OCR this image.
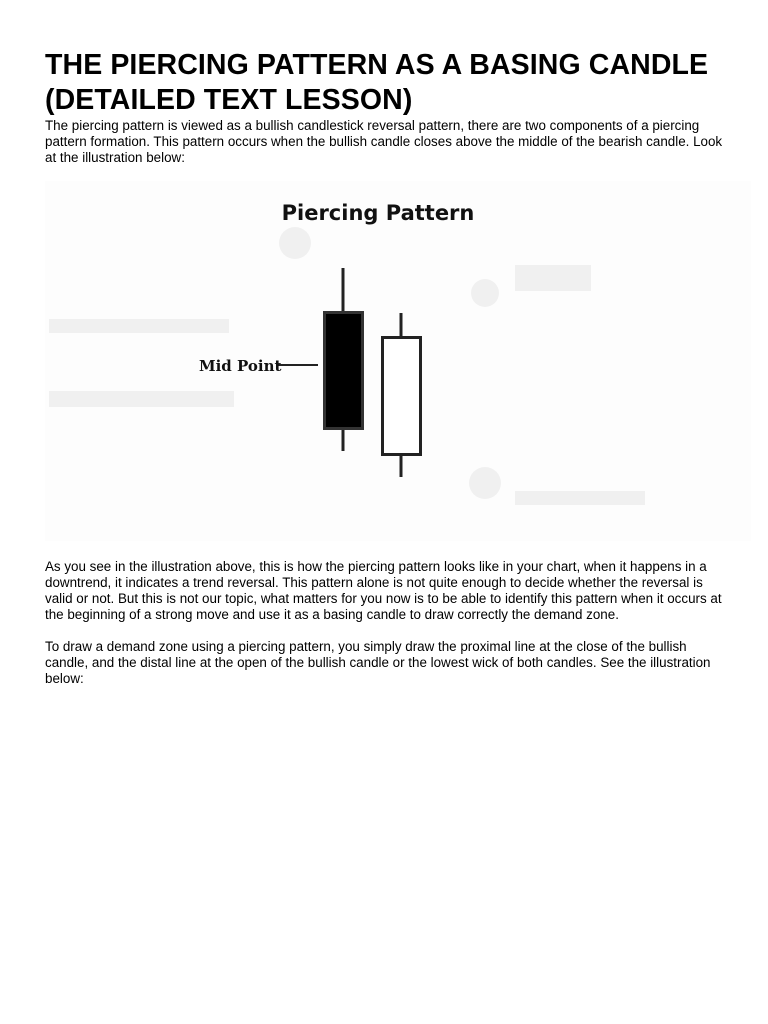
THE PIERCING PATTERN AS A BASING CANDLE (DETAILED TEXT LESSON)

The piercing pattern is viewed as a bullish candlestick reversal pattern, there are two components of a piercing pattern formation. This pattern occurs when the bullish candle closes above the middle of the bearish candle. Look at the illustration below:

Piercing Pattern
Mid Point

As you see in the illustration above, this is how the piercing pattern looks like in your chart, when it happens in a downtrend, it indicates a trend reversal. This pattern alone is not quite enough to decide whether the reversal is valid or not. But this is not our topic, what matters for you now is to be able to identify this pattern when it occurs at the beginning of a strong move and use it as a basing candle to draw correctly the demand zone.

To draw a demand zone using a piercing pattern, you simply draw the proximal line at the close of the bullish candle, and the distal line at the open of the bullish candle or the lowest wick of both candles. See the illustration below:
